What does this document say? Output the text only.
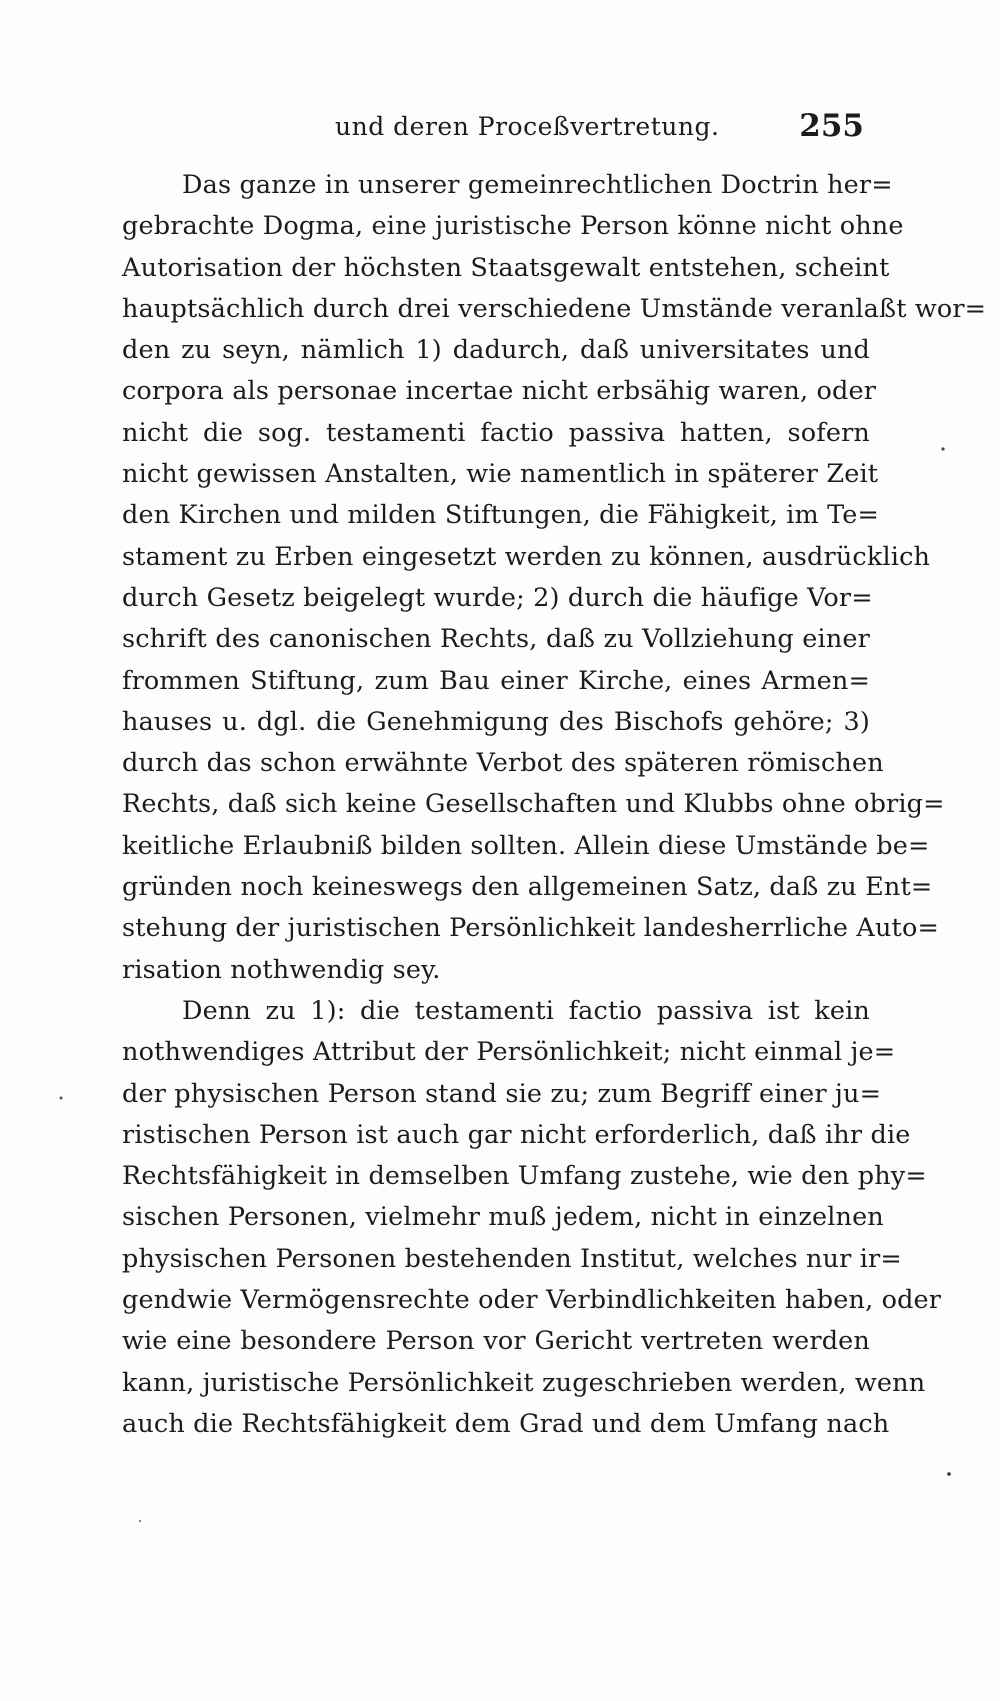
und deren Proceßvertretung.	255
Das ganze in unserer gemeinrechtlichen Doctrin her=
gebrachte Dogma, eine juristische Person könne nicht ohne
Autorisation der höchsten Staatsgewalt entstehen, scheint
hauptsächlich durch drei verschiedene Umstände veranlaßt wor=
den zu seyn, nämlich 1) dadurch, daß universitates und
corpora als personae incertae nicht erbsähig waren, oder
nicht die sog. testamenti factio passiva hatten, sofern
nicht gewissen Anstalten, wie namentlich in späterer Zeit
den Kirchen und milden Stiftungen, die Fähigkeit, im Te=
stament zu Erben eingesetzt werden zu können, ausdrücklich
durch Gesetz beigelegt wurde; 2) durch die häufige Vor=
schrift des canonischen Rechts, daß zu Vollziehung einer
frommen Stiftung, zum Bau einer Kirche, eines Armen=
hauses u. dgl. die Genehmigung des Bischofs gehöre; 3)
durch das schon erwähnte Verbot des späteren römischen
Rechts, daß sich keine Gesellschaften und Klubbs ohne obrig=
keitliche Erlaubniß bilden sollten. Allein diese Umstände be=
gründen noch keineswegs den allgemeinen Satz, daß zu Ent=
stehung der juristischen Persönlichkeit landesherrliche Auto=
risation nothwendig sey.
Denn zu 1): die testamenti factio passiva ist kein
nothwendiges Attribut der Persönlichkeit; nicht einmal je=
der physischen Person stand sie zu; zum Begriff einer ju=
ristischen Person ist auch gar nicht erforderlich, daß ihr die
Rechtsfähigkeit in demselben Umfang zustehe, wie den phy=
sischen Personen, vielmehr muß jedem, nicht in einzelnen
physischen Personen bestehenden Institut, welches nur ir=
gendwie Vermögensrechte oder Verbindlichkeiten haben, oder
wie eine besondere Person vor Gericht vertreten werden
kann, juristische Persönlichkeit zugeschrieben werden, wenn
auch die Rechtsfähigkeit dem Grad und dem Umfang nach
